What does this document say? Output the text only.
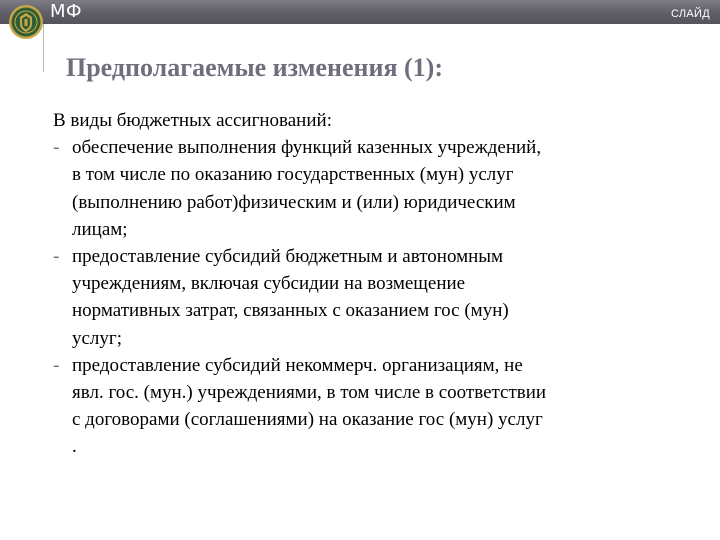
МФ	СЛАЙД
Предполагаемые изменения (1):
В виды бюджетных ассигнований:
- обеспечение выполнения функций казенных учреждений,
в том числе по оказанию государственных (мун) услуг
(выполнению работ)физическим и (или) юридическим
лицам;
- предоставление субсидий бюджетным и автономным
учреждениям, включая субсидии на возмещение
нормативных затрат, связанных с оказанием гос (мун)
услуг;
- предоставление субсидий некоммерч. организациям, не
явл. гос. (мун.) учреждениями, в том числе в соответствии
с договорами (соглашениями) на оказание гос (мун) услуг
.
